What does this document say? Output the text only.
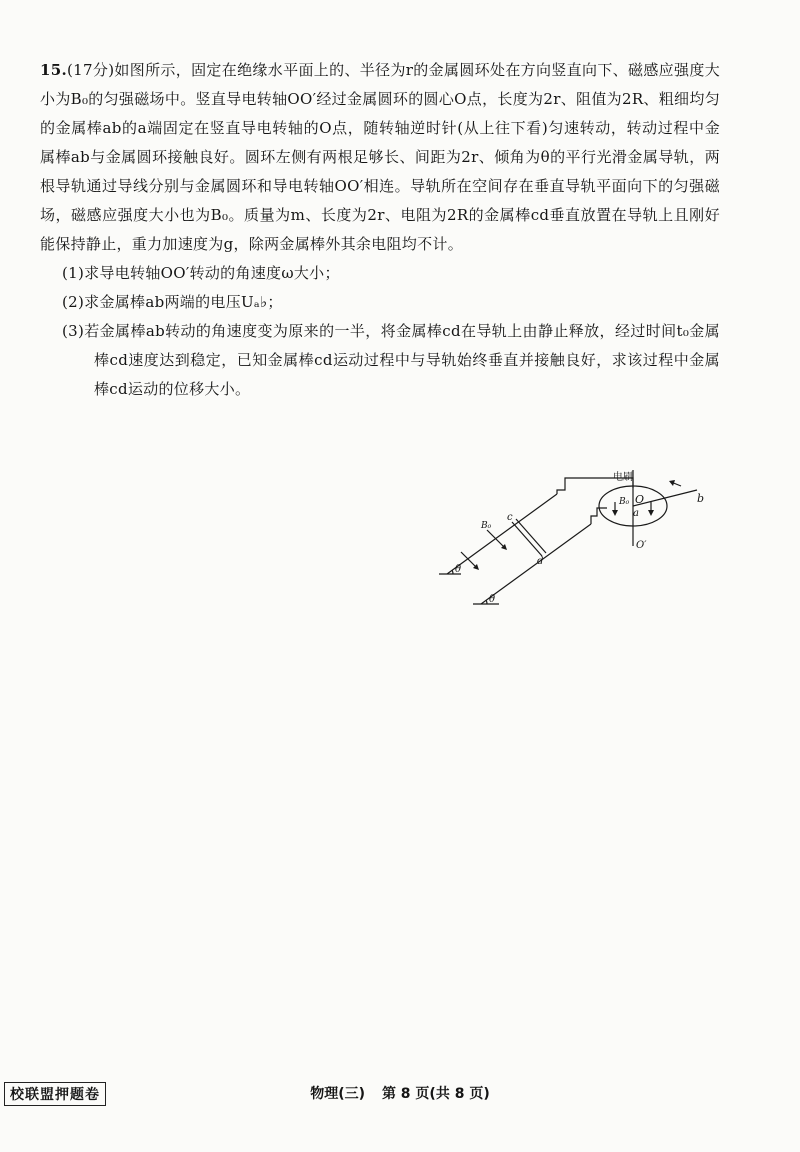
15.(17分)如图所示，固定在绝缘水平面上的、半径为r的金属圆环处在方向竖直向下、磁感应强度大小为B₀的匀强磁场中。竖直导电转轴OO′经过金属圆环的圆心O点，长度为2r、阻值为2R、粗细均匀的金属棒ab的a端固定在竖直导电转轴的O点，随转轴逆时针(从上往下看)匀速转动，转动过程中金属棒ab与金属圆环接触良好。圆环左侧有两根足够长、间距为2r、倾角为θ的平行光滑金属导轨，两根导轨通过导线分别与金属圆环和导电转轴OO′相连。导轨所在空间存在垂直导轨平面向下的匀强磁场，磁感应强度大小也为B₀。质量为m、长度为2r、电阻为2R的金属棒cd垂直放置在导轨上且刚好能保持静止，重力加速度为g，除两金属棒外其余电阻均不计。

(1)求导电转轴OO′转动的角速度ω大小；

(2)求金属棒ab两端的电压Uₐ♭；

(3)若金属棒ab转动的角速度变为原来的一半，将金属棒cd在导轨上由静止释放，经过时间t₀金属棒cd速度达到稳定，已知金属棒cd运动过程中与导轨始终垂直并接触良好，求该过程中金属棒cd运动的位移大小。

电刷
B₀ O
a
b
O′
B₀
c
d
θ
θ
校联盟押题卷	物理(三) 第 8 页(共 8 页)
